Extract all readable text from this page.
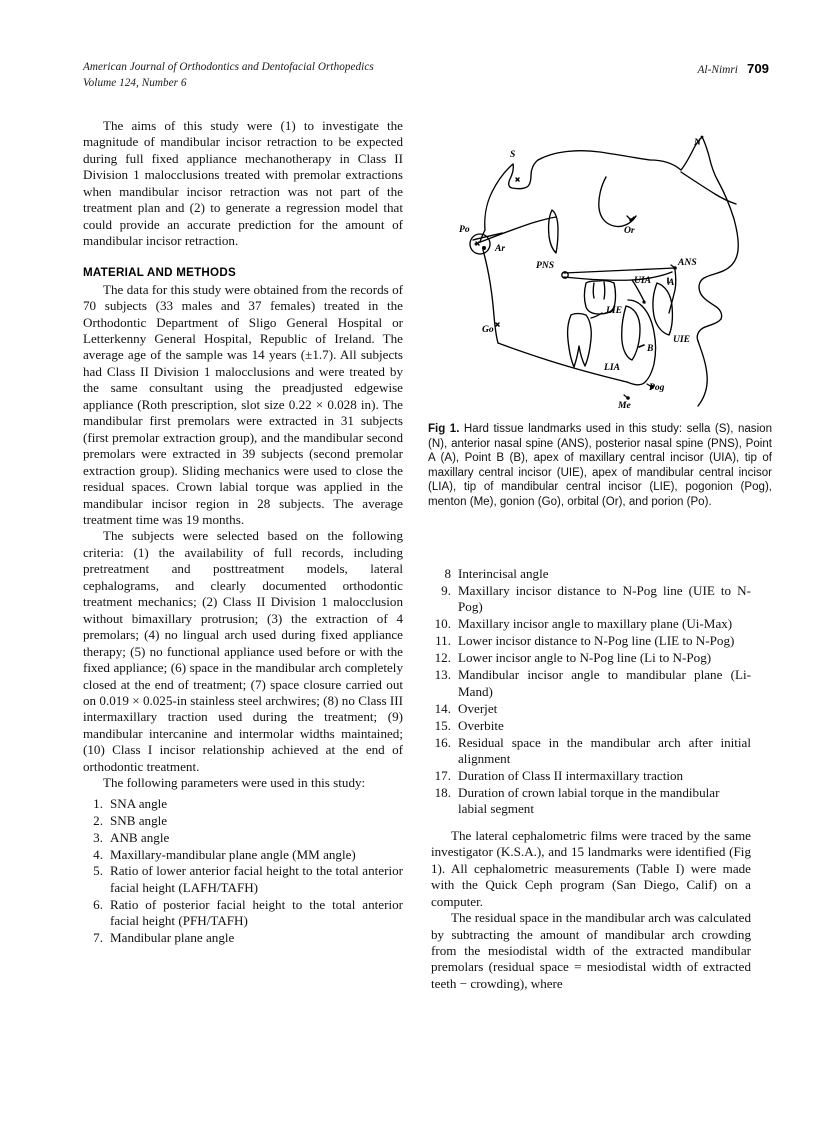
American Journal of Orthodontics and Dentofacial Orthopedics
Volume 124, Number 6
Al-Nimri 709

The aims of this study were (1) to investigate the magnitude of mandibular incisor retraction to be expected during full fixed appliance mechanotherapy in Class II Division 1 malocclusions treated with premolar extractions when mandibular incisor retraction was not part of the treatment plan and (2) to generate a regression model that could provide an accurate prediction for the amount of mandibular incisor retraction.

MATERIAL AND METHODS

The data for this study were obtained from the records of 70 subjects (33 males and 37 females) treated in the Orthodontic Department of Sligo General Hospital or Letterkenny General Hospital, Republic of Ireland. The average age of the sample was 14 years (±1.7). All subjects had Class II Division 1 malocclusions and were treated by the same consultant using the preadjusted edgewise appliance (Roth prescription, slot size 0.22 × 0.028 in). The mandibular first premolars were extracted in 31 subjects (first premolar extraction group), and the mandibular second premolars were extracted in 39 subjects (second premolar extraction group). Sliding mechanics were used to close the residual spaces. Crown labial torque was applied in the mandibular incisor region in 28 subjects. The average treatment time was 19 months.

The subjects were selected based on the following criteria: (1) the availability of full records, including pretreatment and posttreatment models, lateral cephalograms, and clearly documented orthodontic treatment mechanics; (2) Class II Division 1 malocclusion without bimaxillary protrusion; (3) the extraction of 4 premolars; (4) no lingual arch used during fixed appliance therapy; (5) no functional appliance used before or with the fixed appliance; (6) space in the mandibular arch completely closed at the end of treatment; (7) space closure carried out on 0.019 × 0.025-in stainless steel archwires; (8) no Class III intermaxillary traction used during the treatment; (9) mandibular intercanine and intermolar widths maintained; (10) Class I incisor relationship achieved at the end of orthodontic treatment.

The following parameters were used in this study:

1. SNA angle
2. SNB angle
3. ANB angle
4. Maxillary-mandibular plane angle (MM angle)
5. Ratio of lower anterior facial height to the total anterior facial height (LAFH/TAFH)
6. Ratio of posterior facial height to the total anterior facial height (PFH/TAFH)
7. Mandibular plane angle
S
N
Po
Ar
Or
PNS	ANS
UIA A
LIE
UIE
B
LIA
Pog
Me
Go

Fig 1. Hard tissue landmarks used in this study: sella (S), nasion (N), anterior nasal spine (ANS), posterior nasal spine (PNS), Point A (A), Point B (B), apex of maxillary central incisor (UIA), tip of maxillary central incisor (UIE), apex of mandibular central incisor (LIA), tip of mandibular central incisor (LIE), pogonion (Pog), menton (Me), gonion (Go), orbital (Or), and porion (Po).

8 Interincisal angle
9. Maxillary incisor distance to N-Pog line (UIE to N-Pog)
10. Maxillary incisor angle to maxillary plane (Ui-Max)
11. Lower incisor distance to N-Pog line (LIE to N-Pog)
12. Lower incisor angle to N-Pog line (Li to N-Pog)
13. Mandibular incisor angle to mandibular plane (Li-Mand)
14. Overjet
15. Overbite
16. Residual space in the mandibular arch after initial alignment
17. Duration of Class II intermaxillary traction
18. Duration of crown labial torque in the mandibular labial segment

The lateral cephalometric films were traced by the same investigator (K.S.A.), and 15 landmarks were identified (Fig 1). All cephalometric measurements (Table I) were made with the Quick Ceph program (San Diego, Calif) on a computer.

The residual space in the mandibular arch was calculated by subtracting the amount of mandibular arch crowding from the mesiodistal width of the extracted mandibular premolars (residual space = mesiodistal width of extracted teeth − crowding), where
